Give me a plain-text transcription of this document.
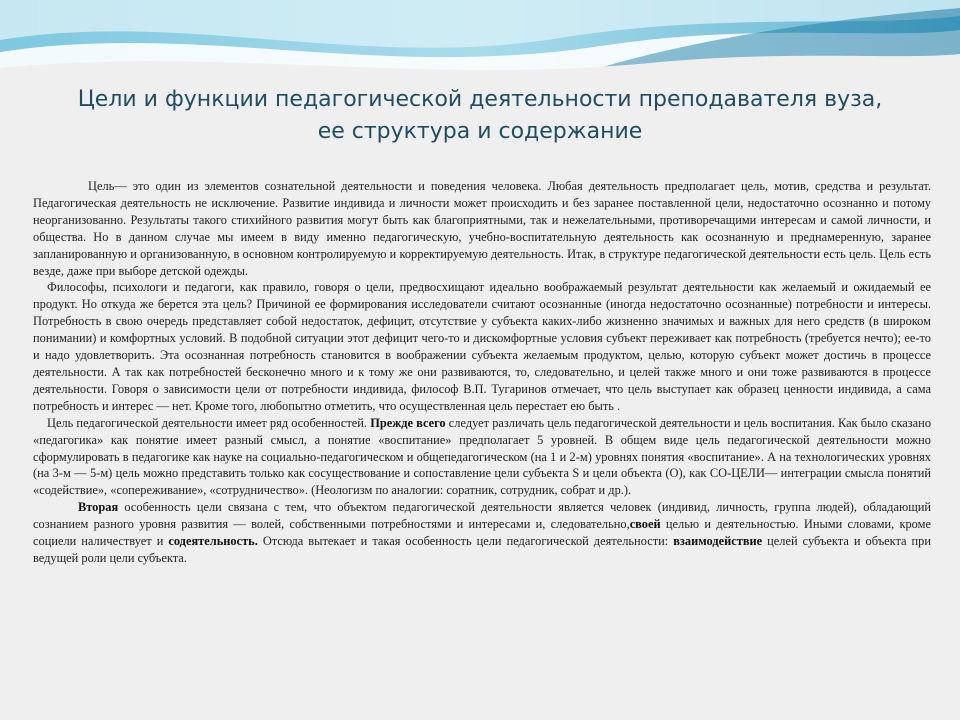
Цели и функции педагогической деятельности преподавателя вуза,
ее структура и содержание

Цель— это один из элементов сознательной деятельности и поведения человека. Любая деятельность предполагает цель, мотив, средства и результат. Педагогическая деятельность не исключение. Развитие индивида и личности может происходить и без заранее поставленной цели, недостаточно осознанно и потому неорганизованно. Результаты такого стихийного развития могут быть как благоприятными, так и нежелательными, противоречащими интересам и самой личности, и общества. Но в данном случае мы имеем в виду именно педагогическую, учебно-воспитательную деятельность как осознанную и преднамеренную, заранее запланированную и организованную, в основном контролируемую и корректируемую деятельность. Итак, в структуре педагогической деятельности есть цель. Цель есть везде, даже при выборе детской одежды.

Философы, психологи и педагоги, как правило, говоря о цели, предвосхищают идеально воображаемый результат деятельности как желаемый и ожидаемый ее продукт. Но откуда же берется эта цель? Причиной ее формирования исследователи считают осознанные (иногда недостаточно осознанные) потребности и интересы. Потребность в свою очередь представляет собой недостаток, дефицит, отсутствие у субъекта каких-либо жизненно значимых и важных для него средств (в широком понимании) и комфортных условий. В подобной ситуации этот дефицит чего-то и дискомфортные условия субъект переживает как потребность (требуется нечто); ее-то и надо удовлетворить. Эта осознанная потребность становится в воображении субъекта желаемым продуктом, целью, которую субъект может достичь в процессе деятельности. А так как потребностей бесконечно много и к тому же они развиваются, то, следовательно, и целей также много и они тоже развиваются в процессе деятельности. Говоря о зависимости цели от потребности индивида, философ В.П. Тугаринов отмечает, что цель выступает как образец ценности индивида, а сама потребность и интерес — нет. Кроме того, любопытно отметить, что осуществленная цель перестает ею быть .

Цель педагогической деятельности имеет ряд особенностей. Прежде всего следует различать цель педагогической деятельности и цель воспитания. Как было сказано «педагогика» как понятие имеет разный смысл, а понятие «воспитание» предполагает 5 уровней. В общем виде цель педагогической деятельности можно сформулировать в педагогике как науке на социально-педагогическом и общепедагогическом (на 1 и 2-м) уровнях понятия «воспитание». А на технологических уровнях (на 3-м — 5-м) цель можно представить только как сосуществование и сопоставление цели субъекта S и цели объекта (О), как СО-ЦЕЛИ— интеграции смысла понятий «содействие», «сопереживание», «сотрудничество». (Неологизм по аналогии: соратник, сотрудник, собрат и др.).

Вторая особенность цели связана с тем, что объектом педагогической деятельности является человек (индивид, личность, группа людей), обладающий сознанием разного уровня развития — волей, собственными потребностями и интересами и, следовательно,своей целью и деятельностью. Иными словами, кроме социели наличествует и содеятельность. Отсюда вытекает и такая особенность цели педагогической деятельности: взаимодействие целей субъекта и объекта при ведущей роли цели субъекта.
